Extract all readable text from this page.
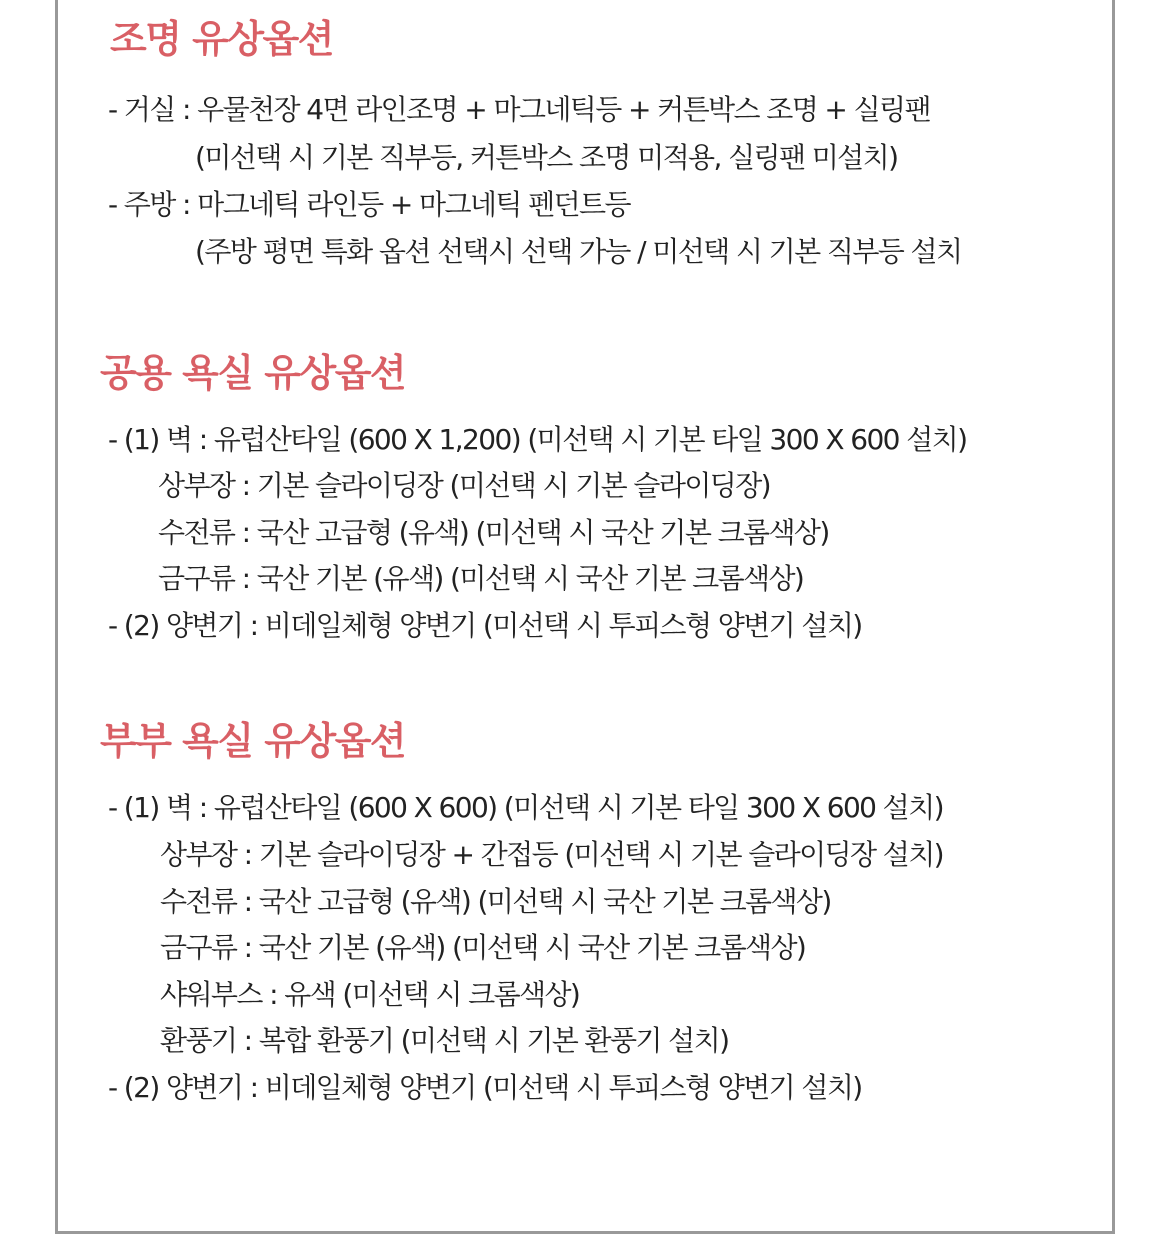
조명 유상옵션

- 거실 : 우물천장 4면 라인조명 + 마그네틱등 + 커튼박스 조명 + 실링팬

(미선택 시 기본 직부등, 커튼박스 조명 미적용, 실링팬 미설치)

- 주방 : 마그네틱 라인등 + 마그네틱 펜던트등

(주방 평면 특화 옵션 선택시 선택 가능 / 미선택 시 기본 직부등 설치

공용 욕실 유상옵션

- (1) 벽 : 유럽산타일 (600 X 1,200) (미선택 시 기본 타일 300 X 600 설치)

상부장 : 기본 슬라이딩장 (미선택 시 기본 슬라이딩장)

수전류 : 국산 고급형 (유색) (미선택 시 국산 기본 크롬색상)

금구류 : 국산 기본 (유색) (미선택 시 국산 기본 크롬색상)

- (2) 양변기 : 비데일체형 양변기 (미선택 시 투피스형 양변기 설치)

부부 욕실 유상옵션

- (1) 벽 : 유럽산타일 (600 X 600) (미선택 시 기본 타일 300 X 600 설치)

상부장 : 기본 슬라이딩장 + 간접등 (미선택 시 기본 슬라이딩장 설치)

수전류 : 국산 고급형 (유색) (미선택 시 국산 기본 크롬색상)

금구류 : 국산 기본 (유색) (미선택 시 국산 기본 크롬색상)

샤워부스 : 유색 (미선택 시 크롬색상)

환풍기 : 복합 환풍기 (미선택 시 기본 환풍기 설치)

- (2) 양변기 : 비데일체형 양변기 (미선택 시 투피스형 양변기 설치)
